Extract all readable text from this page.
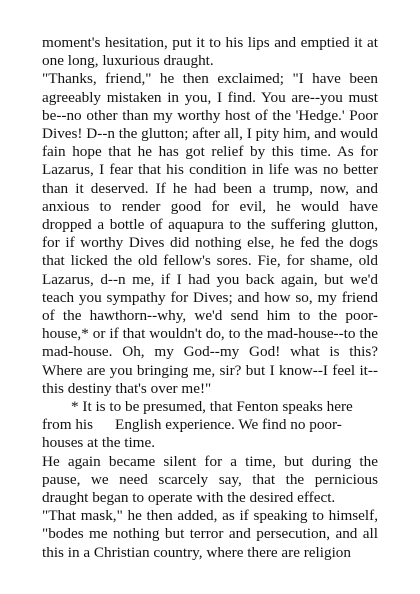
moment's hesitation, put it to his lips and emptied it at one long, luxurious draught.

"Thanks, friend," he then exclaimed; "I have been agreeably mistaken in you, I find. You are--you must be--no other than my worthy host of the 'Hedge.' Poor Dives! D--n the glutton; after all, I pity him, and would fain hope that he has got relief by this time. As for Lazarus, I fear that his condition in life was no better than it deserved. If he had been a trump, now, and anxious to render good for evil, he would have dropped a bottle of aquapura to the suffering glutton, for if worthy Dives did nothing else, he fed the dogs that licked the old fellow's sores. Fie, for shame, old Lazarus, d--n me, if I had you back again, but we'd teach you sympathy for Dives; and how so, my friend of the hawthorn--why, we'd send him to the poor-house,* or if that wouldn't do, to the mad-house--to the mad-house. Oh, my God--my God! what is this? Where are you bringing me, sir? but I know--I feel it--this destiny that's over me!"

* It is to be presumed, that Fenton speaks here from his English experience. We find no poor-houses at the time.

He again became silent for a time, but during the pause, we need scarcely say, that the pernicious draught began to operate with the desired effect.

"That mask," he then added, as if speaking to himself, "bodes me nothing but terror and persecution, and all this in a Christian country, where there are religion
